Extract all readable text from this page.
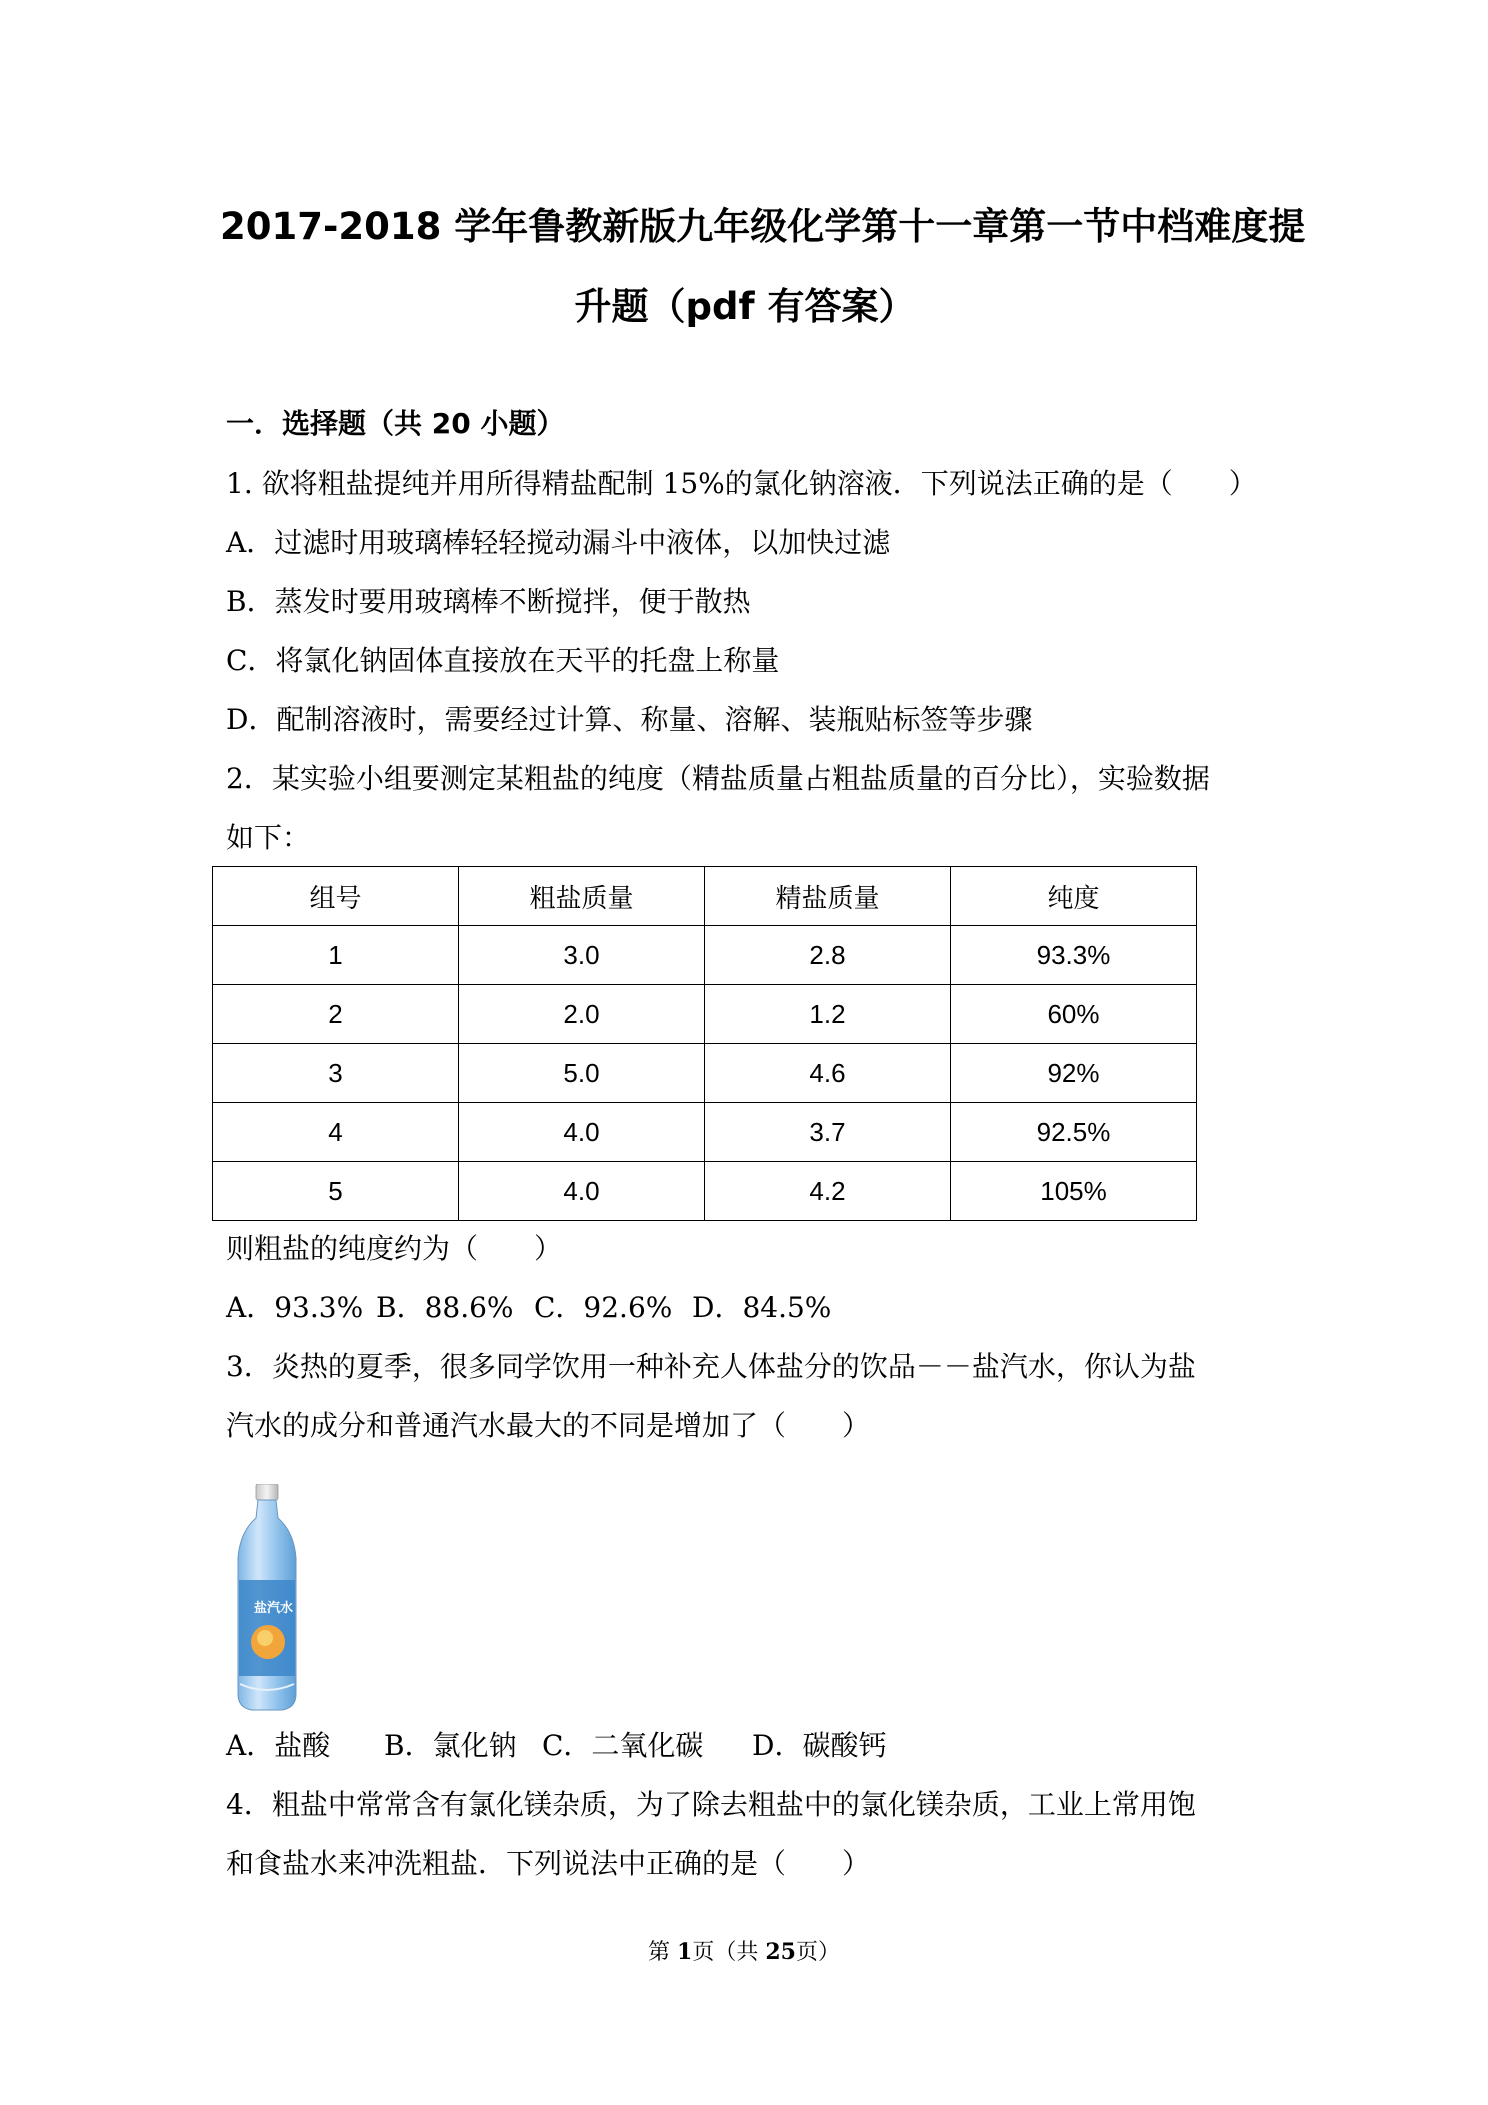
2017-2018 学年鲁教新版九年级化学第十一章第一节中档难度提
升题（pdf 有答案）
一．选择题（共 20 小题）
1. 欲将粗盐提纯并用所得精盐配制 15%的氯化钠溶液．下列说法正确的是（　　）
A．过滤时用玻璃棒轻轻搅动漏斗中液体，以加快过滤
B．蒸发时要用玻璃棒不断搅拌，便于散热
C．将氯化钠固体直接放在天平的托盘上称量
D．配制溶液时，需要经过计算、称量、溶解、装瓶贴标签等步骤
2．某实验小组要测定某粗盐的纯度（精盐质量占粗盐质量的百分比），实验数据
如下：
组号	粗盐质量	精盐质量	纯度
1	3.0	2.8	93.3%
2	2.0	1.2	60%
3	5.0	4.6	92%
4	4.0	3.7	92.5%
5	4.0	4.2	105%
则粗盐的纯度约为（　　）
A．93.3% B．88.6% C．92.6% D．84.5%
3．炎热的夏季，很多同学饮用一种补充人体盐分的饮品－－盐汽水，你认为盐
汽水的成分和普通汽水最大的不同是增加了（　　）
盐汽水
A．盐酸 B．氯化钠 C．二氧化碳 D．碳酸钙
4．粗盐中常常含有氯化镁杂质，为了除去粗盐中的氯化镁杂质，工业上常用饱
和食盐水来冲洗粗盐．下列说法中正确的是（　　）
第 1页（共 25页）
